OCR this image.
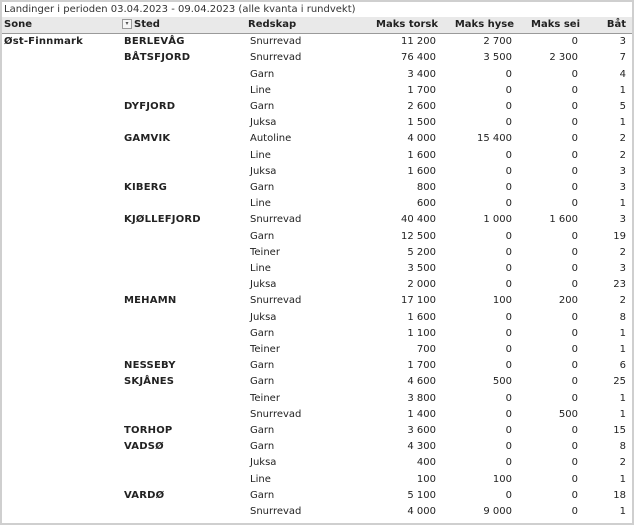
Landinger i perioden 03.04.2023 - 09.04.2023 (alle kvanta i rundvekt)
Sone	▾ Sted	Redskap	Maks torsk	Maks hyse	Maks sei	Båt
Øst-Finnmark	BERLEVÅG	Snurrevad	11 200	2 700	0	3
	BÅTSFJORD	Snurrevad	76 400	3 500	2 300	7
		Garn	3 400	0	0	4
		Line	1 700	0	0	1
	DYFJORD	Garn	2 600	0	0	5
		Juksa	1 500	0	0	1
	GAMVIK	Autoline	4 000	15 400	0	2
		Line	1 600	0	0	2
		Juksa	1 600	0	0	3
	KIBERG	Garn	800	0	0	3
		Line	600	0	0	1
	KJØLLEFJORD	Snurrevad	40 400	1 000	1 600	3
		Garn	12 500	0	0	19
		Teiner	5 200	0	0	2
		Line	3 500	0	0	3
		Juksa	2 000	0	0	23
	MEHAMN	Snurrevad	17 100	100	200	2
		Juksa	1 600	0	0	8
		Garn	1 100	0	0	1
		Teiner	700	0	0	1
	NESSEBY	Garn	1 700	0	0	6
	SKJÅNES	Garn	4 600	500	0	25
		Teiner	3 800	0	0	1
		Snurrevad	1 400	0	500	1
	TORHOP	Garn	3 600	0	0	15
	VADSØ	Garn	4 300	0	0	8
		Juksa	400	0	0	2
		Line	100	100	0	1
	VARDØ	Garn	5 100	0	0	18
		Snurrevad	4 000	9 000	0	1
